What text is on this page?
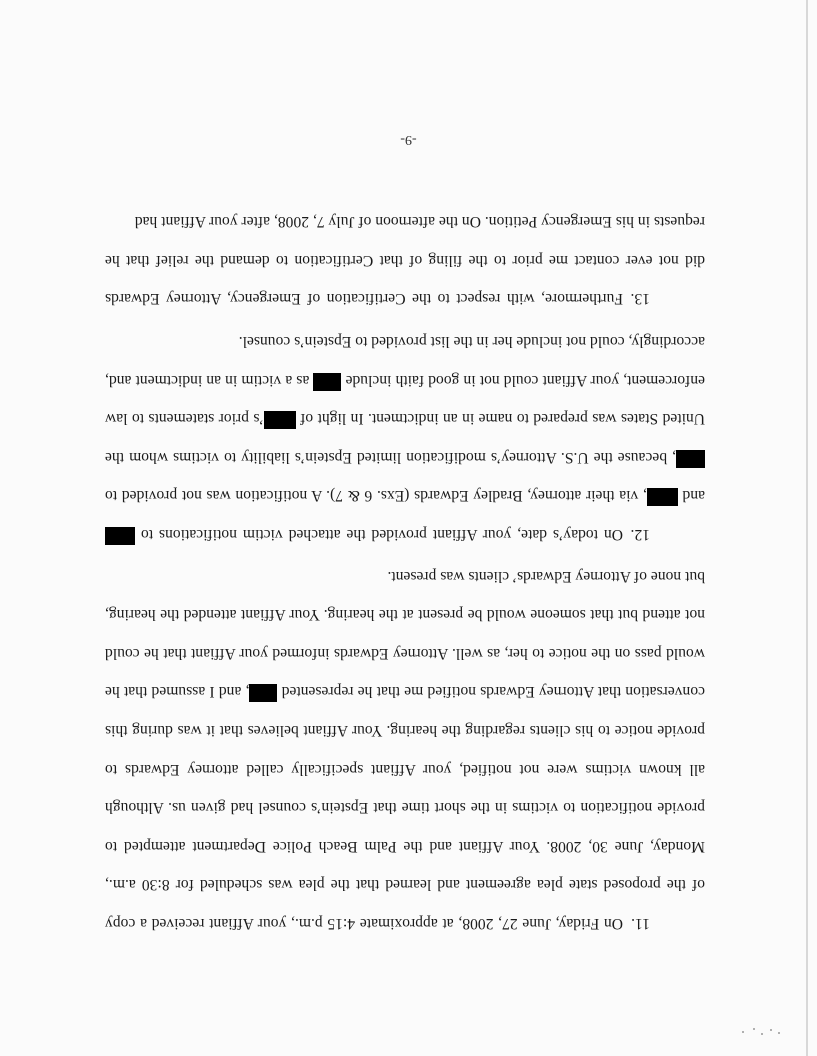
11.On Friday, June 27, 2008, at approximate 4:15 p.m., your Affiant received a copy of the proposed state plea agreement and learned that the plea was scheduled for 8:30 a.m., Monday, June 30, 2008. Your Affiant and the Palm Beach Police Department attempted to provide notification to victims in the short time that Epstein’s counsel had given us. Although all known victims were not notified, your Affiant specifically called attorney Edwards to provide notice to his clients regarding the hearing. Your Affiant believes that it was during this conversation that Attorney Edwards notified me that he represented , and I assumed that he would pass on the notice to her, as well. Attorney Edwards informed your Affiant that he could not attend but that someone would be present at the hearing. Your Affiant attended the hearing, but none of Attorney Edwards’ clients was present.

12.On today’s date, your Affiant provided the attached victim notifications to  and , via their attorney, Bradley Edwards (Exs. 6 & 7). A notification was not provided to , because the U.S. Attorney’s modification limited Epstein’s liability to victims whom the United States was prepared to name in an indictment. In light of ’s prior statements to law enforcement, your Affiant could not in good faith include  as a victim in an indictment and, accordingly, could not include her in the list provided to Epstein’s counsel.

13.Furthermore, with respect to the Certification of Emergency, Attorney Edwards did not ever contact me prior to the filing of that Certification to demand the relief that he requests in his Emergency Petition. On the afternoon of July 7, 2008, after your Affiant had

-9-
